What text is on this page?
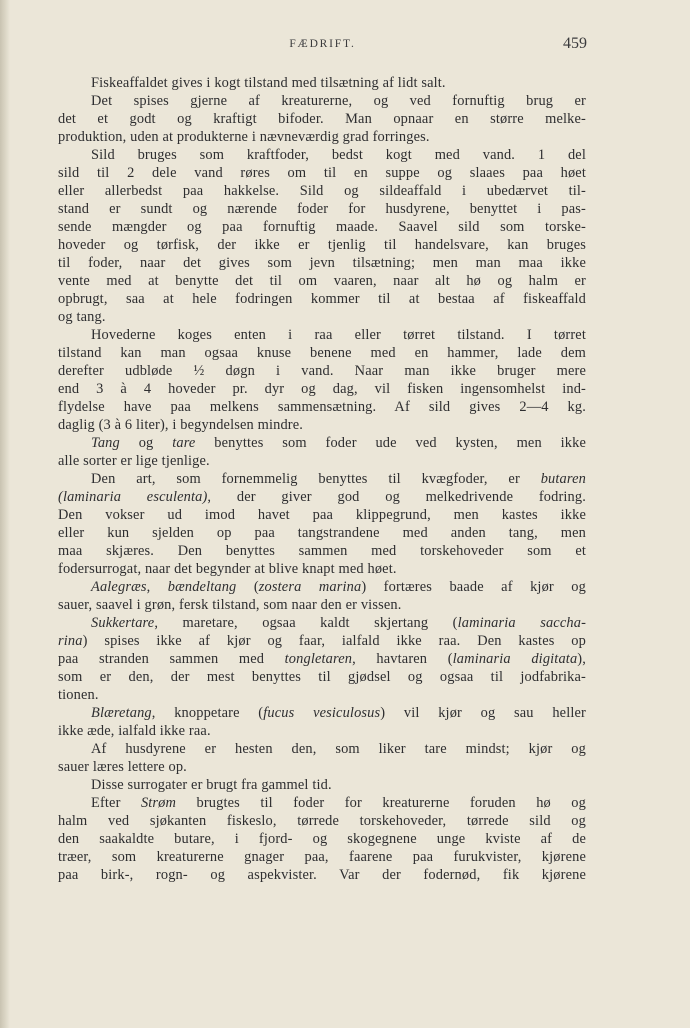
FÆDRIFT.	459
Fiskeaffaldet gives i kogt tilstand med tilsætning af lidt salt.
Det spises gjerne af kreaturerne, og ved fornuftig brug er
det et godt og kraftigt bifoder. Man opnaar en større melke-
produktion, uden at produkterne i nævneværdig grad forringes.
Sild bruges som kraftfoder, bedst kogt med vand. 1 del
sild til 2 dele vand røres om til en suppe og slaaes paa høet
eller allerbedst paa hakkelse. Sild og sildeaffald i ubedærvet til-
stand er sundt og nærende foder for husdyrene, benyttet i pas-
sende mængder og paa fornuftig maade. Saavel sild som torske-
hoveder og tørfisk, der ikke er tjenlig til handelsvare, kan bruges
til foder, naar det gives som jevn tilsætning; men man maa ikke
vente med at benytte det til om vaaren, naar alt hø og halm er
opbrugt, saa at hele fodringen kommer til at bestaa af fiskeaffald
og tang.
Hovederne koges enten i raa eller tørret tilstand. I tørret
tilstand kan man ogsaa knuse benene med en hammer, lade dem
derefter udbløde ½ døgn i vand. Naar man ikke bruger mere
end 3 à 4 hoveder pr. dyr og dag, vil fisken ingensomhelst ind-
flydelse have paa melkens sammensætning. Af sild gives 2—4 kg.
daglig (3 à 6 liter), i begyndelsen mindre.
Tang og tare benyttes som foder ude ved kysten, men ikke
alle sorter er lige tjenlige.
Den art, som fornemmelig benyttes til kvægfoder, er butaren
(laminaria esculenta), der giver god og melkedrivende fodring.
Den vokser ud imod havet paa klippegrund, men kastes ikke
eller kun sjelden op paa tangstrandene med anden tang, men
maa skjæres. Den benyttes sammen med torskehoveder som et
fodersurrogat, naar det begynder at blive knapt med høet.
Aalegræs, bændeltang (zostera marina) fortæres baade af kjør og
sauer, saavel i grøn, fersk tilstand, som naar den er vissen.
Sukkertare, maretare, ogsaa kaldt skjertang (laminaria saccha-
rina) spises ikke af kjør og faar, ialfald ikke raa. Den kastes op
paa stranden sammen med tongletaren, havtaren (laminaria digitata),
som er den, der mest benyttes til gjødsel og ogsaa til jodfabrika-
tionen.
Blæretang, knoppetare (fucus vesiculosus) vil kjør og sau heller
ikke æde, ialfald ikke raa.
Af husdyrene er hesten den, som liker tare mindst; kjør og
sauer læres lettere op.
Disse surrogater er brugt fra gammel tid.
Efter Strøm brugtes til foder for kreaturerne foruden hø og
halm ved sjøkanten fiskeslo, tørrede torskehoveder, tørrede sild og
den saakaldte butare, i fjord- og skogegnene unge kviste af de
træer, som kreaturerne gnager paa, faarene paa furukvister, kjørene
paa birk-, rogn- og aspekvister. Var der fodernød, fik kjørene
